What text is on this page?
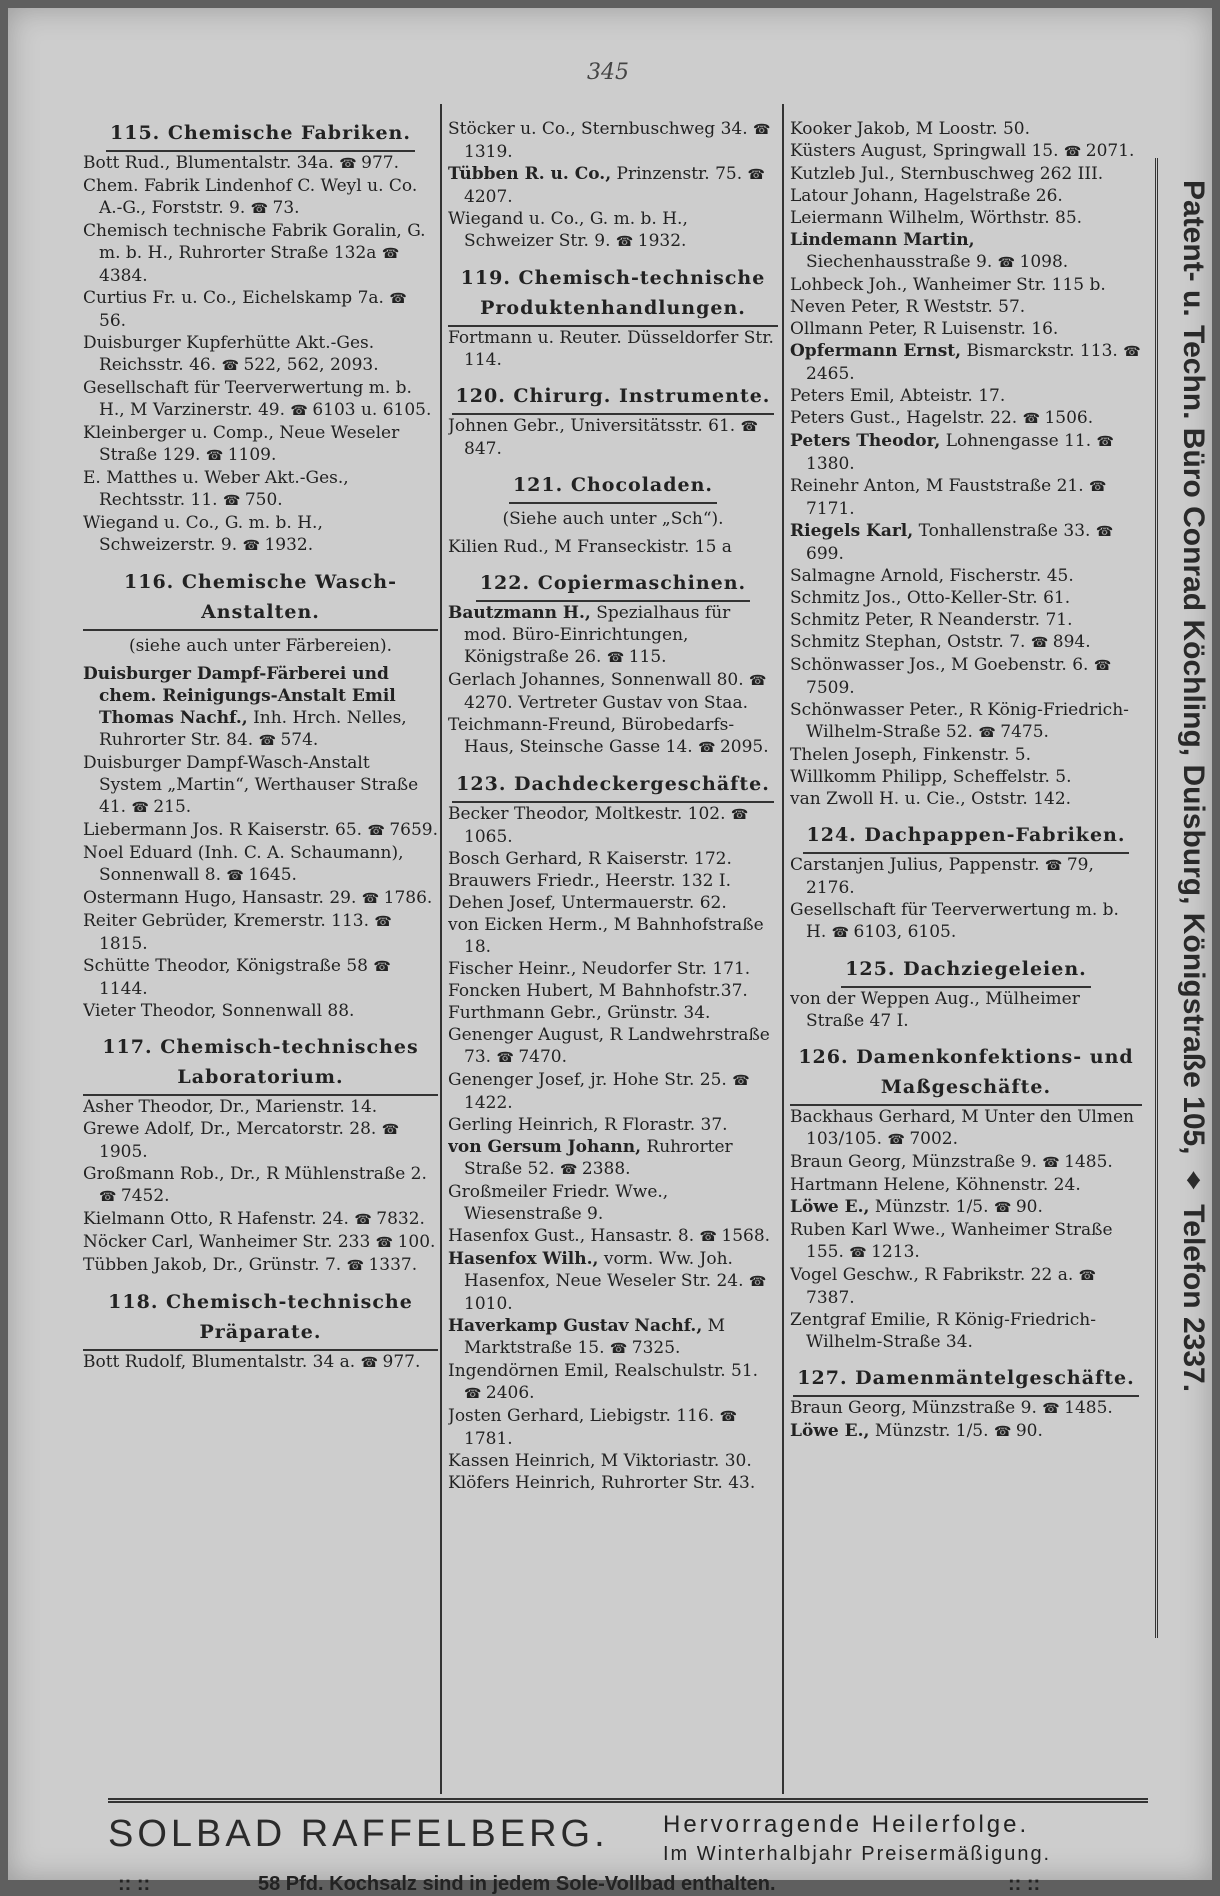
345
115. Chemische Fabriken.

Bott Rud., Blumentalstr. 34a. ☎ 977.

Chem. Fabrik Lindenhof C. Weyl u. Co. A.-G., Forststr. 9. ☎ 73.

Chemisch technische Fabrik Goralin, G. m. b. H., Ruhrorter Straße 132a ☎ 4384.

Curtius Fr. u. Co., Eichelskamp 7a. ☎ 56.

Duisburger Kupferhütte Akt.-Ges. Reichsstr. 46. ☎ 522, 562, 2093.

Gesellschaft für Teerverwertung m. b. H., M Varzinerstr. 49. ☎ 6103 u. 6105.

Kleinberger u. Comp., Neue Weseler Straße 129. ☎ 1109.

E. Matthes u. Weber Akt.-Ges., Rechtsstr. 11. ☎ 750.

Wiegand u. Co., G. m. b. H., Schweizerstr. 9. ☎ 1932.

116. Chemische Wasch-Anstalten.
(siehe auch unter Färbereien).

Duisburger Dampf-Färberei und chem. Reinigungs-Anstalt Emil Thomas Nachf., Inh. Hrch. Nelles, Ruhrorter Str. 84. ☎ 574.

Duisburger Dampf-Wasch-Anstalt System „Martin“, Werthauser Straße 41. ☎ 215.

Liebermann Jos. R Kaiserstr. 65. ☎ 7659.

Noel Eduard (Inh. C. A. Schaumann), Sonnenwall 8. ☎ 1645.

Ostermann Hugo, Hansastr. 29. ☎ 1786.

Reiter Gebrüder, Kremerstr. 113. ☎ 1815.

Schütte Theodor, Königstraße 58 ☎ 1144.

Vieter Theodor, Sonnenwall 88.

117. Chemisch-technisches Laboratorium.

Asher Theodor, Dr., Marienstr. 14.

Grewe Adolf, Dr., Mercatorstr. 28. ☎ 1905.

Großmann Rob., Dr., R Mühlenstraße 2. ☎ 7452.

Kielmann Otto, R Hafenstr. 24. ☎ 7832.

Nöcker Carl, Wanheimer Str. 233 ☎ 100.

Tübben Jakob, Dr., Grünstr. 7. ☎ 1337.

118. Chemisch-technische Präparate.

Bott Rudolf, Blumentalstr. 34 a. ☎ 977.

Stöcker u. Co., Sternbuschweg 34. ☎ 1319.

Tübben R. u. Co., Prinzenstr. 75. ☎ 4207.

Wiegand u. Co., G. m. b. H., Schweizer Str. 9. ☎ 1932.

119. Chemisch-technische Produktenhandlungen.

Fortmann u. Reuter. Düsseldorfer Str. 114.

120. Chirurg. Instrumente.

Johnen Gebr., Universitätsstr. 61. ☎ 847.

121. Chocoladen.
(Siehe auch unter „Sch“).

Kilien Rud., M Franseckistr. 15 a

122. Copiermaschinen.

Bautzmann H., Spezialhaus für mod. Büro-Einrichtungen, Königstraße 26. ☎ 115.

Gerlach Johannes, Sonnenwall 80. ☎ 4270. Vertreter Gustav von Staa.

Teichmann-Freund, Bürobedarfs-Haus, Steinsche Gasse 14. ☎ 2095.

123. Dachdeckergeschäfte.

Becker Theodor, Moltkestr. 102. ☎ 1065.

Bosch Gerhard, R Kaiserstr. 172.

Brauwers Friedr., Heerstr. 132 I.

Dehen Josef, Untermauerstr. 62.

von Eicken Herm., M Bahnhofstraße 18.

Fischer Heinr., Neudorfer Str. 171.

Foncken Hubert, M Bahnhofstr.37.

Furthmann Gebr., Grünstr. 34.

Genenger August, R Landwehrstraße 73. ☎ 7470.

Genenger Josef, jr. Hohe Str. 25. ☎ 1422.

Gerling Heinrich, R Florastr. 37.

von Gersum Johann, Ruhrorter Straße 52. ☎ 2388.

Großmeiler Friedr. Wwe., Wiesenstraße 9.

Hasenfox Gust., Hansastr. 8. ☎ 1568.

Hasenfox Wilh., vorm. Ww. Joh. Hasenfox, Neue Weseler Str. 24. ☎ 1010.

Haverkamp Gustav Nachf., M Marktstraße 15. ☎ 7325.

Ingendörnen Emil, Realschulstr. 51. ☎ 2406.

Josten Gerhard, Liebigstr. 116. ☎ 1781.

Kassen Heinrich, M Viktoriastr. 30.

Klöfers Heinrich, Ruhrorter Str. 43.

Kooker Jakob, M Loostr. 50.

Küsters August, Springwall 15. ☎ 2071.

Kutzleb Jul., Sternbuschweg 262 III.

Latour Johann, Hagelstraße 26.

Leiermann Wilhelm, Wörthstr. 85.

Lindemann Martin, Siechenhausstraße 9. ☎ 1098.

Lohbeck Joh., Wanheimer Str. 115 b.

Neven Peter, R Weststr. 57.

Ollmann Peter, R Luisenstr. 16.

Opfermann Ernst, Bismarckstr. 113. ☎ 2465.

Peters Emil, Abteistr. 17.

Peters Gust., Hagelstr. 22. ☎ 1506.

Peters Theodor, Lohnengasse 11. ☎ 1380.

Reinehr Anton, M Fauststraße 21. ☎ 7171.

Riegels Karl, Tonhallenstraße 33. ☎ 699.

Salmagne Arnold, Fischerstr. 45.

Schmitz Jos., Otto-Keller-Str. 61.

Schmitz Peter, R Neanderstr. 71.

Schmitz Stephan, Oststr. 7. ☎ 894.

Schönwasser Jos., M Goebenstr. 6. ☎ 7509.

Schönwasser Peter., R König-Friedrich-Wilhelm-Straße 52. ☎ 7475.

Thelen Joseph, Finkenstr. 5.

Willkomm Philipp, Scheffelstr. 5.

van Zwoll H. u. Cie., Oststr. 142.

124. Dachpappen-Fabriken.

Carstanjen Julius, Pappenstr. ☎ 79, 2176.

Gesellschaft für Teerverwertung m. b. H. ☎ 6103, 6105.

125. Dachziegeleien.

von der Weppen Aug., Mülheimer Straße 47 I.

126. Damenkonfektions- und Maßgeschäfte.

Backhaus Gerhard, M Unter den Ulmen 103/105. ☎ 7002.

Braun Georg, Münzstraße 9. ☎ 1485.

Hartmann Helene, Köhnenstr. 24.

Löwe E., Münzstr. 1/5. ☎ 90.

Ruben Karl Wwe., Wanheimer Straße 155. ☎ 1213.

Vogel Geschw., R Fabrikstr. 22 a. ☎ 7387.

Zentgraf Emilie, R König-Friedrich-Wilhelm-Straße 34.

127. Damenmäntelgeschäfte.

Braun Georg, Münzstraße 9. ☎ 1485.

Löwe E., Münzstr. 1/5. ☎ 90.

Patent- u. Techn. Büro Conrad Köchling, Duisburg, Königstraße 105, ♦ Telefon 2337.
SOLBAD RAFFELBERG. Hervorragende Heilerfolge.
Im Winterhalbjahr Preisermäßigung.
:: ::	58 Pfd. Kochsalz sind in jedem Sole-Vollbad enthalten.	:: ::
